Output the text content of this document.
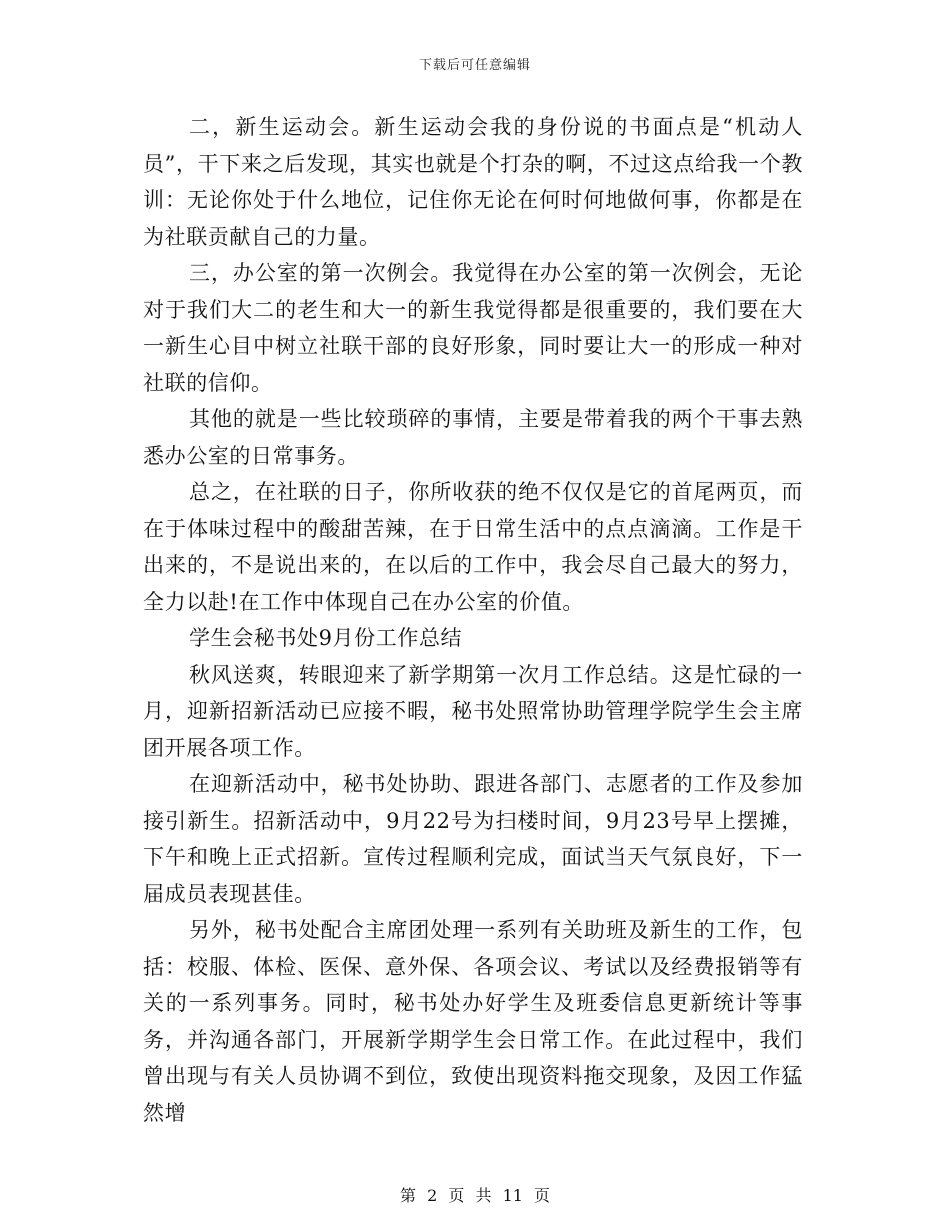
下载后可任意编辑

二，新生运动会。新生运动会我的身份说的书面点是“机动人员”，干下来之后发现，其实也就是个打杂的啊，不过这点给我一个教训：无论你处于什么地位，记住你无论在何时何地做何事，你都是在为社联贡献自己的力量。

三，办公室的第一次例会。我觉得在办公室的第一次例会，无论对于我们大二的老生和大一的新生我觉得都是很重要的，我们要在大一新生心目中树立社联干部的良好形象，同时要让大一的形成一种对社联的信仰。

其他的就是一些比较琐碎的事情，主要是带着我的两个干事去熟悉办公室的日常事务。

总之，在社联的日子，你所收获的绝不仅仅是它的首尾两页，而在于体味过程中的酸甜苦辣，在于日常生活中的点点滴滴。工作是干出来的，不是说出来的，在以后的工作中，我会尽自己最大的努力，全力以赴!在工作中体现自己在办公室的价值。

学生会秘书处9月份工作总结

秋风送爽，转眼迎来了新学期第一次月工作总结。这是忙碌的一月，迎新招新活动已应接不暇，秘书处照常协助管理学院学生会主席团开展各项工作。

在迎新活动中，秘书处协助、跟进各部门、志愿者的工作及参加接引新生。招新活动中，9月22号为扫楼时间，9月23号早上摆摊，下午和晚上正式招新。宣传过程顺利完成，面试当天气氛良好，下一届成员表现甚佳。

另外，秘书处配合主席团处理一系列有关助班及新生的工作，包括：校服、体检、医保、意外保、各项会议、考试以及经费报销等有关的一系列事务。同时，秘书处办好学生及班委信息更新统计等事务，并沟通各部门，开展新学期学生会日常工作。在此过程中，我们曾出现与有关人员协调不到位，致使出现资料拖交现象，及因工作猛然增

第 2 页 共 11 页
